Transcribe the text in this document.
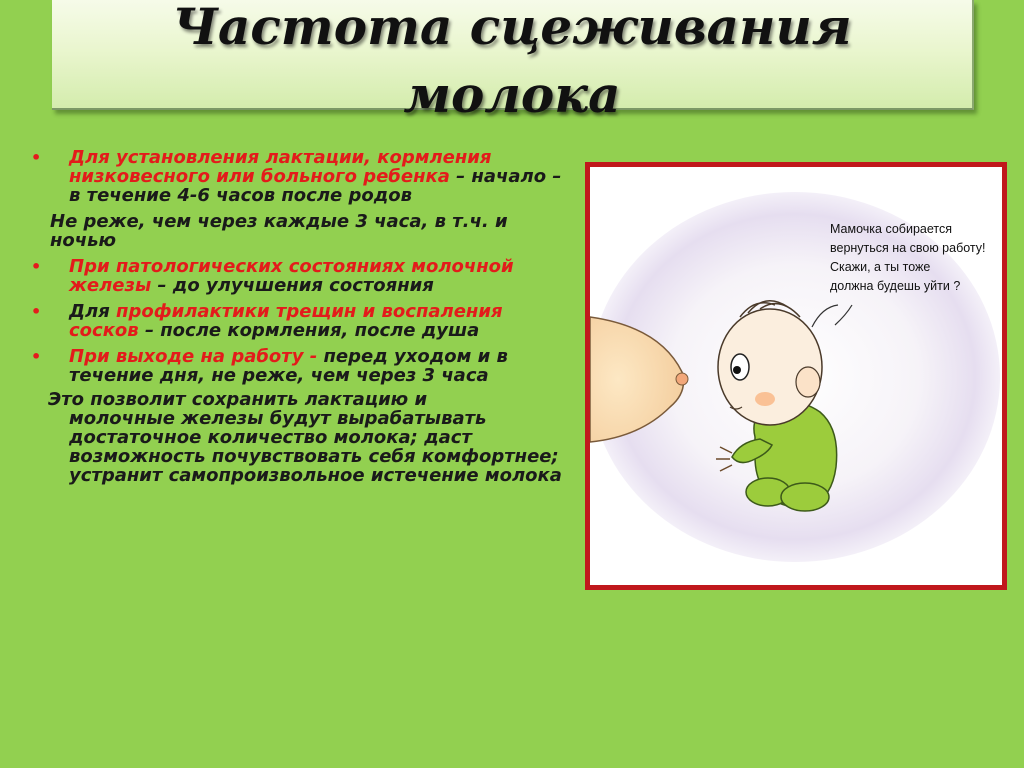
Частота сцеживания
молока
• Для установления лактации, кормления низковесного или больного ребенка – начало – в течение 4-6 часов после родов
Не реже, чем через каждые 3 часа, в т.ч. и ночью
• При патологических состояниях молочной железы – до улучшения состояния
• Для профилактики трещин и воспаления сосков – после кормления, после душа
• При выходе на работу - перед уходом и в течение дня, не реже, чем через 3 часа
Это позволит сохранить лактацию и
молочные железы будут вырабатывать достаточное количество молока; даст возможность почувствовать себя комфортнее; устранит самопроизвольное истечение молока
Мамочка собирается
вернуться на свою работу!
Скажи, а ты тоже
должна будешь уйти ?
